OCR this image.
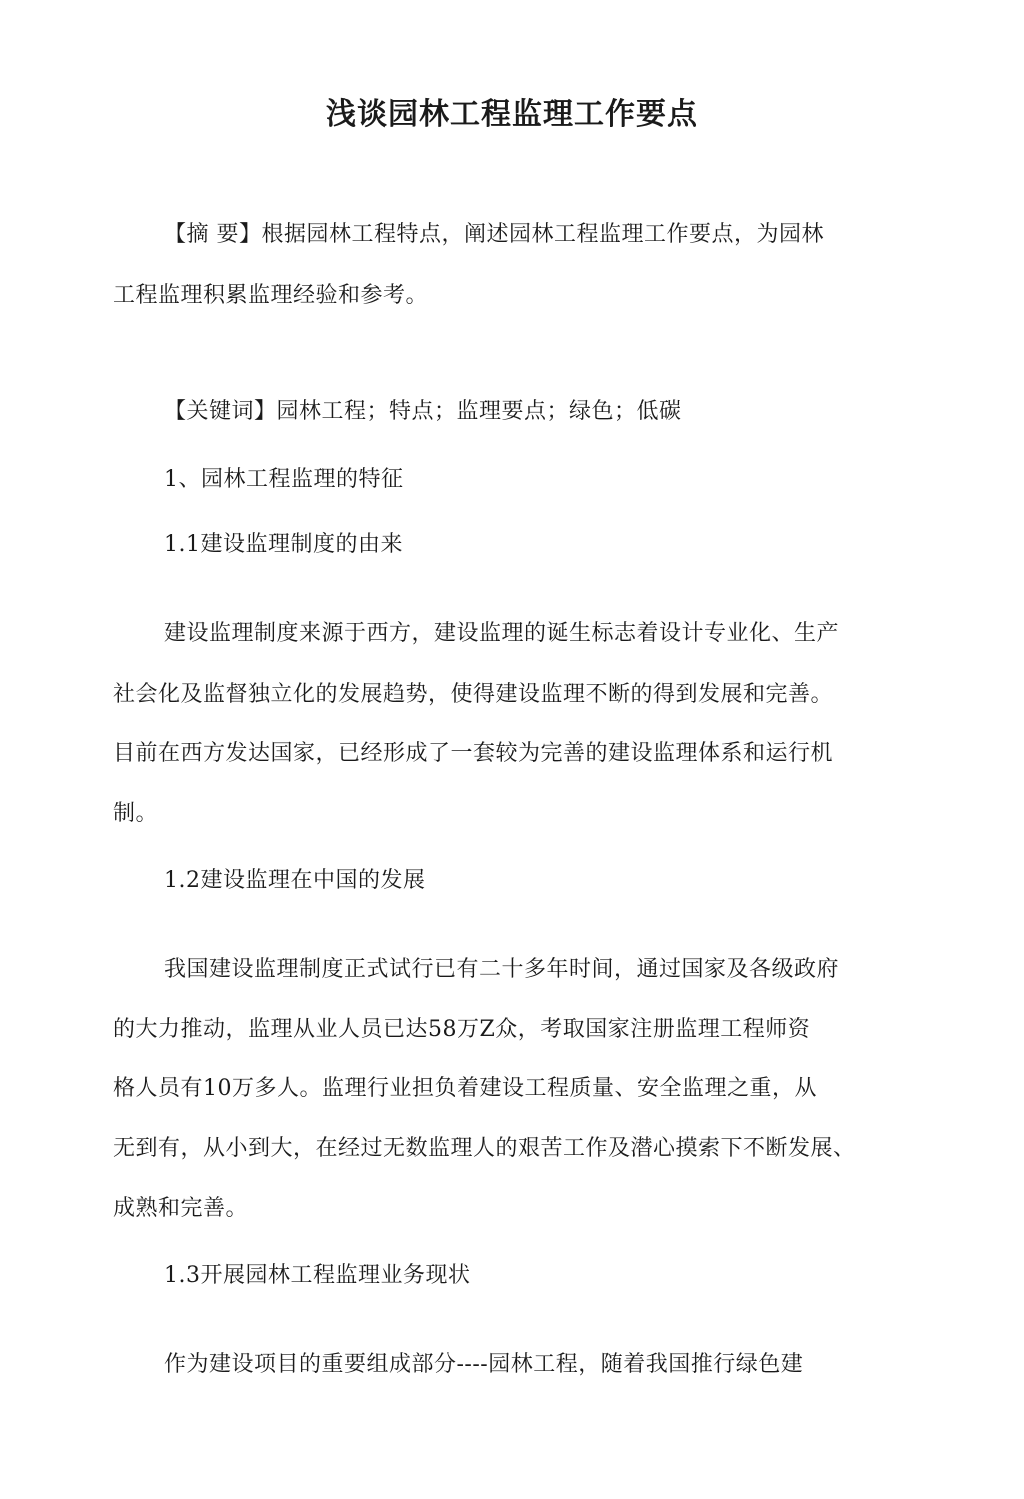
浅谈园林工程监理工作要点
【摘 要】根据园林工程特点，阐述园林工程监理工作要点，为园林
工程监理积累监理经验和参考。
【关键词】园林工程；特点；监理要点；绿色；低碳
1、园林工程监理的特征
1.1建设监理制度的由来
建设监理制度来源于西方，建设监理的诞生标志着设计专业化、生产
社会化及监督独立化的发展趋势，使得建设监理不断的得到发展和完善。
目前在西方发达国家，已经形成了一套较为完善的建设监理体系和运行机
制。
1.2建设监理在中国的发展
我国建设监理制度正式试行已有二十多年时间，通过国家及各级政府
的大力推动，监理从业人员已达58万Z众，考取国家注册监理工程师资
格人员有10万多人。监理行业担负着建设工程质量、安全监理之重，从
无到有，从小到大，在经过无数监理人的艰苦工作及潜心摸索下不断发展、
成熟和完善。
1.3开展园林工程监理业务现状
作为建设项目的重要组成部分----园林工程，随着我国推行绿色建
